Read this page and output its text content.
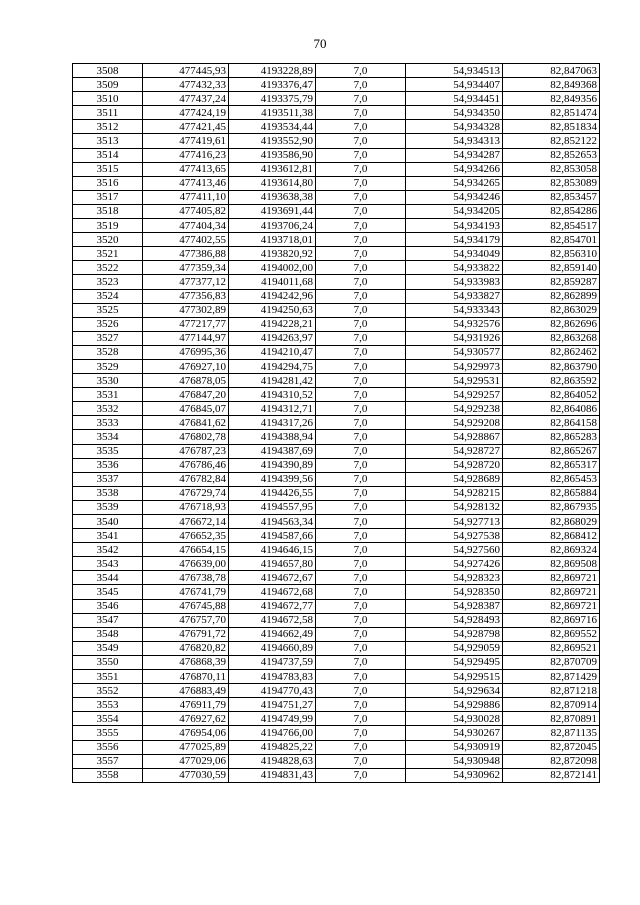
70
3508	477445,93	4193228,89	7,0	54,934513	82,847063
3509	477432,33	4193376,47	7,0	54,934407	82,849368
3510	477437,24	4193375,79	7,0	54,934451	82,849356
3511	477424,19	4193511,38	7,0	54,934350	82,851474
3512	477421,45	4193534,44	7,0	54,934328	82,851834
3513	477419,61	4193552,90	7,0	54,934313	82,852122
3514	477416,23	4193586,90	7,0	54,934287	82,852653
3515	477413,65	4193612,81	7,0	54,934266	82,853058
3516	477413,46	4193614,80	7,0	54,934265	82,853089
3517	477411,10	4193638,38	7,0	54,934246	82,853457
3518	477405,82	4193691,44	7,0	54,934205	82,854286
3519	477404,34	4193706,24	7,0	54,934193	82,854517
3520	477402,55	4193718,01	7,0	54,934179	82,854701
3521	477386,88	4193820,92	7,0	54,934049	82,856310
3522	477359,34	4194002,00	7,0	54,933822	82,859140
3523	477377,12	4194011,68	7,0	54,933983	82,859287
3524	477356,83	4194242,96	7,0	54,933827	82,862899
3525	477302,89	4194250,63	7,0	54,933343	82,863029
3526	477217,77	4194228,21	7,0	54,932576	82,862696
3527	477144,97	4194263,97	7,0	54,931926	82,863268
3528	476995,36	4194210,47	7,0	54,930577	82,862462
3529	476927,10	4194294,75	7,0	54,929973	82,863790
3530	476878,05	4194281,42	7,0	54,929531	82,863592
3531	476847,20	4194310,52	7,0	54,929257	82,864052
3532	476845,07	4194312,71	7,0	54,929238	82,864086
3533	476841,62	4194317,26	7,0	54,929208	82,864158
3534	476802,78	4194388,94	7,0	54,928867	82,865283
3535	476787,23	4194387,69	7,0	54,928727	82,865267
3536	476786,46	4194390,89	7,0	54,928720	82,865317
3537	476782,84	4194399,56	7,0	54,928689	82,865453
3538	476729,74	4194426,55	7,0	54,928215	82,865884
3539	476718,93	4194557,95	7,0	54,928132	82,867935
3540	476672,14	4194563,34	7,0	54,927713	82,868029
3541	476652,35	4194587,66	7,0	54,927538	82,868412
3542	476654,15	4194646,15	7,0	54,927560	82,869324
3543	476639,00	4194657,80	7,0	54,927426	82,869508
3544	476738,78	4194672,67	7,0	54,928323	82,869721
3545	476741,79	4194672,68	7,0	54,928350	82,869721
3546	476745,88	4194672,77	7,0	54,928387	82,869721
3547	476757,70	4194672,58	7,0	54,928493	82,869716
3548	476791,72	4194662,49	7,0	54,928798	82,869552
3549	476820,82	4194660,89	7,0	54,929059	82,869521
3550	476868,39	4194737,59	7,0	54,929495	82,870709
3551	476870,11	4194783,83	7,0	54,929515	82,871429
3552	476883,49	4194770,43	7,0	54,929634	82,871218
3553	476911,79	4194751,27	7,0	54,929886	82,870914
3554	476927,62	4194749,99	7,0	54,930028	82,870891
3555	476954,06	4194766,00	7,0	54,930267	82,871135
3556	477025,89	4194825,22	7,0	54,930919	82,872045
3557	477029,06	4194828,63	7,0	54,930948	82,872098
3558	477030,59	4194831,43	7,0	54,930962	82,872141
